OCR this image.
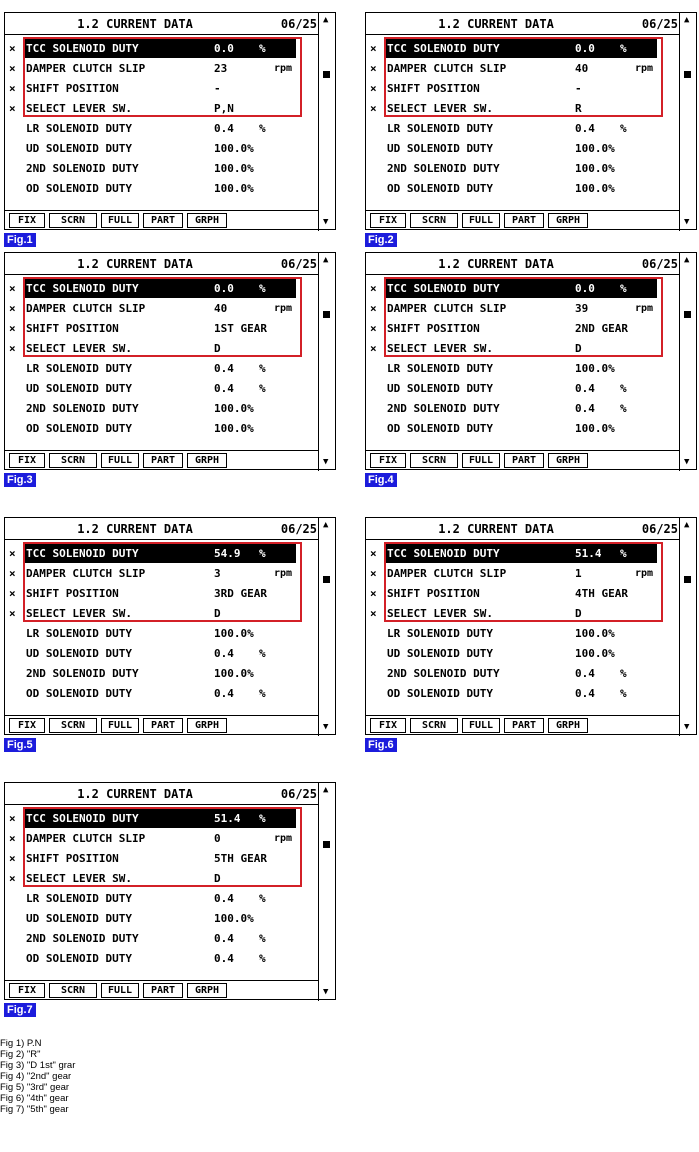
1.2 CURRENT DATA	06/25 ▲
▼
× TCC SOLENOID DUTY	0.0 %
× DAMPER CLUTCH SLIP	23	rpm
× SHIFT POSITION	-
× SELECT LEVER SW.	P,N
LR SOLENOID DUTY	0.4 %
UD SOLENOID DUTY	100.0%
2ND SOLENOID DUTY	100.0%
OD SOLENOID DUTY	100.0%
FIX	SCRN	FULL	PART	GRPH
Fig.1
1.2 CURRENT DATA	06/25 ▲
▼
× TCC SOLENOID DUTY	0.0 %
× DAMPER CLUTCH SLIP	40	rpm
× SHIFT POSITION	-
× SELECT LEVER SW.	R
LR SOLENOID DUTY	0.4 %
UD SOLENOID DUTY	100.0%
2ND SOLENOID DUTY	100.0%
OD SOLENOID DUTY	100.0%
FIX	SCRN	FULL	PART	GRPH
Fig.2
1.2 CURRENT DATA	06/25 ▲
▼
× TCC SOLENOID DUTY	0.0 %
× DAMPER CLUTCH SLIP	40	rpm
× SHIFT POSITION	1ST GEAR
× SELECT LEVER SW.	D
LR SOLENOID DUTY	0.4 %
UD SOLENOID DUTY	0.4 %
2ND SOLENOID DUTY	100.0%
OD SOLENOID DUTY	100.0%
FIX	SCRN	FULL	PART	GRPH
Fig.3
1.2 CURRENT DATA	06/25 ▲
▼
× TCC SOLENOID DUTY	0.0 %
× DAMPER CLUTCH SLIP	39	rpm
× SHIFT POSITION	2ND GEAR
× SELECT LEVER SW.	D
LR SOLENOID DUTY	100.0%
UD SOLENOID DUTY	0.4 %
2ND SOLENOID DUTY	0.4 %
OD SOLENOID DUTY	100.0%
FIX	SCRN	FULL	PART	GRPH
Fig.4
1.2 CURRENT DATA	06/25 ▲
▼
× TCC SOLENOID DUTY	54.9 %
× DAMPER CLUTCH SLIP	3	rpm
× SHIFT POSITION	3RD GEAR
× SELECT LEVER SW.	D
LR SOLENOID DUTY	100.0%
UD SOLENOID DUTY	0.4 %
2ND SOLENOID DUTY	100.0%
OD SOLENOID DUTY	0.4 %
FIX	SCRN	FULL	PART	GRPH
Fig.5
1.2 CURRENT DATA	06/25 ▲
▼
× TCC SOLENOID DUTY	51.4 %
× DAMPER CLUTCH SLIP	1	rpm
× SHIFT POSITION	4TH GEAR
× SELECT LEVER SW.	D
LR SOLENOID DUTY	100.0%
UD SOLENOID DUTY	100.0%
2ND SOLENOID DUTY	0.4 %
OD SOLENOID DUTY	0.4 %
FIX	SCRN	FULL	PART	GRPH
Fig.6
1.2 CURRENT DATA	06/25 ▲
▼
× TCC SOLENOID DUTY	51.4 %
× DAMPER CLUTCH SLIP	0	rpm
× SHIFT POSITION	5TH GEAR
× SELECT LEVER SW.	D
LR SOLENOID DUTY	0.4 %
UD SOLENOID DUTY	100.0%
2ND SOLENOID DUTY	0.4 %
OD SOLENOID DUTY	0.4 %
FIX	SCRN	FULL	PART	GRPH
Fig.7
Fig 1) P.N
Fig 2) "R"
Fig 3) "D 1st" grar
Fig 4) "2nd" gear
Fig 5) "3rd" gear
Fig 6) "4th" gear
Fig 7) "5th" gear
